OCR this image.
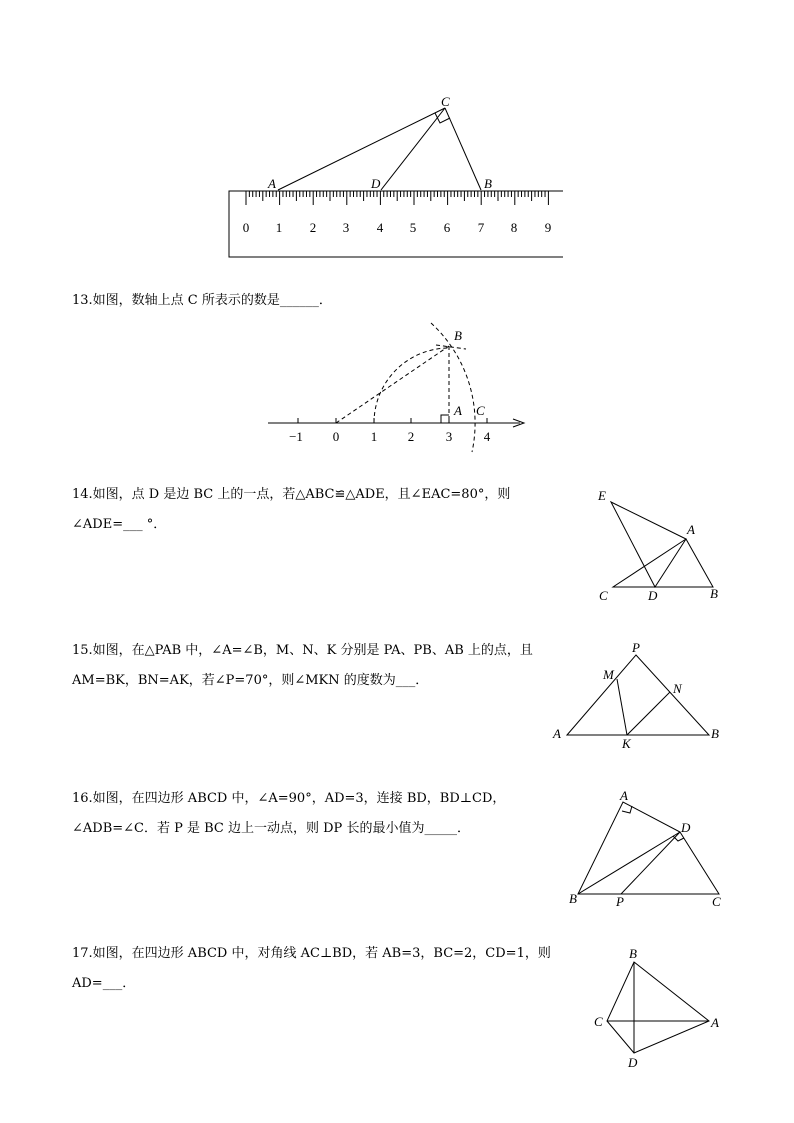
C
A	D	B
0 1 2 3 4 5 6 7 8 9

13.如图，数轴上点 C 所表示的数是______．

B
A C
−1 0 1 2 3 4

14.如图，点 D 是边 BC 上的一点，若△ABC≌△ADE，且∠EAC=80°，则

∠ADE=___ °．

E
A
C	D	B

15.如图，在△PAB 中，∠A=∠B，M、N、K 分别是 PA、PB、AB 上的点，且

AM=BK，BN=AK，若∠P=70°，则∠MKN 的度数为___．

P
M
N
A
K
B

16.如图，在四边形 ABCD 中，∠A=90°，AD=3，连接 BD，BD⊥CD，

∠ADB=∠C．若 P 是 BC 边上一动点，则 DP 长的最小值为_____．

A
D
B	P	C

17.如图，在四边形 ABCD 中，对角线 AC⊥BD，若 AB=3，BC=2，CD=1，则

AD=___．

B
C	A
D
